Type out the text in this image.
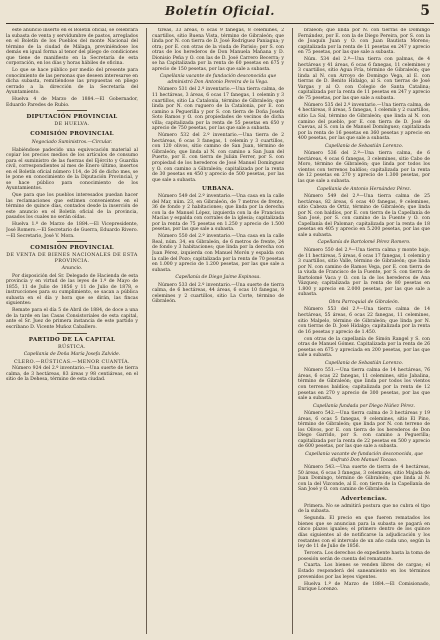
Boletín Oficial.	5

este anuncio inserto en el Boletín oficial, se celebrará la subasta de venta y servidumbre de pastos, arreglados en el Boletín de los Pueblos del monte Nacional del término de la ciudad de Málaga, previniéndose los demás en igual forma al tenor del pliego de condiciones que tiene de manifiesto en la Secretaría de esta corporación, en los días y horas hábiles de oficina.

Lo que se hace público por medio del presente para conocimiento de las personas que deseen interesarse en dicha subasta, remitiéndose las propuestas en pliego cerrado a la dirección de la Secretaría del Ayuntamiento.

Huelva 4 de Marzo de 1884.—El Gobernador, Eduardo Paredes de Rubio.

DIPUTACIÓN PROVINCIAL

DE HUELVA.

COMISIÓN PROVINCIAL

Negociado Suministros.—Circular.

Habiéndose padecido una equivocación material al copiar los precios medios de los artículos de consumo para el suministro de las fuerzas del Ejército y Guardia civil, correspondientes al mes de Enero último, insertos en el Boletín oficial número 114, de 26 de dicho mes, se le pone en conocimiento de la Diputación Provincial, y se hace público para conocimiento de los Ayuntamientos.

Que para que los pueblos interesados puedan hacer las reclamaciones que estimen convenientes en el término de quince días, contados desde la inserción de este anuncio en el Boletín oficial de la provincia, pasados los cuales no serán oídas.

Huelva 1.º de Marzo de 1884.—El Vicepresidente, José Romero.—El Secretario de Guerra, Eduardo Rivero.—El Secretario, José V. Mora.

COMISIÓN PROVINCIAL

DE VENTA DE BIENES NACIONALES DE ESTA PROVINCIA.

Anuncio.

Por disposición del Sr. Delegado de Hacienda de esta provincia y en virtud de las leyes de 1.º de Mayo de 1855, 11 de Julio de 1856 y 11 de Julio de 1878, e instrucciones para su cumplimiento, se sacan a pública subasta en el día y hora que se dirán, las fincas siguientes:

Remate para el día 5 de Abril de 1884, de doce a una de la tarde en las Casas Consistoriales de esta capital, ante el Sr. Juez de primera instancia de este partido y escribano D. Vicente Muñoz Caballero.

PARTIDO DE LA CAPITAL

RÚSTICA.

Capellanía de Doña María Josefa Zalvide.

CLERO.—RÚSTICAS.—MENOR CUANTÍA.

Número 924 del 2.º inventario.—Una suerte de tierra calma, de 3 hectáreas, 83 áreas y 98 centiáreas, en el sitio de la Dehesa, término de esta ciudad.

tíreas, 33 áreas, 6 ocas 9 fanegas, 8 celemines, 2 cuartillos, sitio Buena Vista, término de Gibraleón; que linda por N. con tierra de D. José Rodríguez Paniagua; y otra; por E. con otras de la viuda de Parisio; por S. con otras de los herederos de Don Manuela Mañana y D. Dionisio Peña y O. con las de D. José Carrero Becerra; y se ha Capitalizada por la renta de 60 pesetas en 675 y aprecio de 150 pesetas, por las que sale a subasta.

Capellanía vacante de fundación desconocida que administró Don Antonio Pereira de la Vega.

Número 531 del 2.º inventario.—Una tierra calma, de 11 hectáreas, 3 áreas, 6 ocas 17 fanegas, 1 celemín y 3 cuartillos, sitio La Catalonia, término de Gibraleón; que linda por N. con ruguero de la Catalonia, por E. con camino a Peguerilla y por S. con tierra de Doña Josefa Soto Ramos y O. con propiedades de vecinos de dicha villa; capitalizada por la renta de 55 pesetas en 650 y aprecio de 750 pesetas, por las que sale a subasta.

Número 532 del 2.º inventario.—Una tierra de 2 hectáreas, 6 ocas 3 fanegas, 1 celemín y 3 cuartillos, con 120 olivos, sitio camino de San Juan, término de Gibraleón; que linda al N. con camino a San Juan del Puerto, por E. con tierra de Julián Ferrer, por S. con propiedad de los herederos de José Manuel Domínguez y O. con camino a Gibraleón; capitalizada por la renta de 30 pesetas en 450 y aprecio de 500 pesetas, por las que sale a subasta.

URBANA.

Número 549 del 2.º inventario.—Una casa en la calle del Mar, núm. 23, en Gibraleón, de 7 metros de frente, 36 de fondo y 2 habitaciones; que linda por la derecha con la de Manuel López, izquierda con la de Francisca Macías y espalda con corrales de la iglesia; capitalizada por la renta de 75 pesetas en 1.250 y aprecio de 1.500 pesetas, por las que sale a subasta.

Número 550 del 2.º inventario.—Una casa en la calle Real, núm. 34, en Gibraleón, de 6 metros de frente, 24 de fondo y 3 habitaciones; que linda por la derecha con Juan Pérez, izquierda con Manuel Morón y espalda con la calle del Pozo; capitalizada por la renta de 70 pesetas en 1.000 y aprecio de 1.200 pesetas, por las que sale a subasta.

Capellanía de Diego Jaime Espinosa.

Número 533 del 2.º inventario.—Una suerte de tierra calma, de 6 hectáreas, 44 áreas, 6 ocas 10 fanegas, 9 celemines y 2 cuartillos, sitio La Corte, término de Gibraleón.

braleón; que linda por N. con tierras de Domingo Fernández, por E. con la de Diego Pereira, por S. con la de Joaquín Juan y O. con Juan Bautista Moreno; capitalizada por la renta de 11 pesetas en 247 y aprecio en 75 pesetas, por las que sale a subasta.

Núm. 534 del 2.º—Una tierra con palmas, de 4 hectáreas y 41 áreas, 6 ocas 6 fanegas, 11 celemines y 3 cuartillos, sitio Agua Fría, término de Gibraleón; que linda al N. con Arroyo de Domingo Vega, al E. con tierras de D. Benito Hidalgo, al S. con tierras de José Vargas y al O. con Colegio de Santa Catalina; capitalizada por la renta de 11 pesetas en 247 y aprecio de 75 pesetas, por las que sale a subasta.

Número 535 del 2.º inventario.—Una tierra calma, de 4 hectáreas, 8 áreas, 5 fanegas, 1 celemín y 2 cuartillos, sitio La Sal, término de Gibraleón; que linda al N. con camino del pueblo, por E. con tierra de D. José de Cuevas, al S. con la de Manuel Domínguez; capitalizada por la renta de 16 pesetas en 360 pesetas y aprecio en 400 pesetas, por las que sale a subasta.

Capellanía de Sebastián Lorenzo.

Número 536 del 2.º—Una tierra calma, de 6 hectáreas, 4 ocas 6 fanegas, 3 celemines, sitio Cabo de Moro, término de Gibraleón; que linda por todos los vientos con terrenos baldíos; capitalizada por la renta de 12 pesetas en 270 y aprecio de 1.300 pesetas, por las que sale a subasta.

Capellanía de Antonio Hernández Pérez.

Número 549 del 2.º—Una tierra calma de 25 hectáreas, 82 áreas, 6 ocas 40 fanegas, 9 celemines, sitio Cabeza de Ortiz, término de Gibraleón; que linda por N. con baldíos, por E. con tierra de la Capellanía de San José, por S. con camino de la Fuente y O. con Capellanía del Palomar; capitalizada por la renta de 18 pesetas en 405 y aprecio en 5.200 pesetas, por las que sale a subasta.

Capellanía de Bartolomé Pérez Romero.

Número 550 del 2.º—Una tierra calma y monte bajo, de 11 hectáreas, 5 áreas, 6 ocas 17 fanegas, 1 celemín y 3 cuartillos, sitio Valle, término de Gibraleón; que linda por N. con camino de Ramos Vega, por E. con tierra de la viuda de Francisco de la Fuente, por S. con tierra de Bartolomé Vaca y O. con la de los herederos de Ana Vázquez; capitalizada por la renta de 80 pesetas en 1.800 y aprecio en 2.000 pesetas, por las que sale a subasta.

Obra Parroquial de Gibraleón.

Número 553 del 2.º—Una tierra calma de 14 hectáreas, 55 áreas, 6 ocas 22 fanegas, 11 celemines, sitio Malpelo, término de Gibraleón; que linda por N. con tierras de D. José Hidalgo; capitalizada por la renta de 16 pesetas y aprecio de 1.450.

con otras de la capellanía de Simón Rangel y S. con otras de Manuel Gómez. Capitalizada por la renta de 26 pesetas en 675 y apreciada en 200 pesetas, por las que sale a subasta.

Capellanía de Sebastián Lorenzo.

Número 551.—Una tierra calma de 14 hectáreas, 76 áreas, 6 ocas 22 fanegas, 11 celemines, sitio Jabalina, término de Gibraleón; que linda por todos los vientos con terrenos baldíos; capitalizada por la renta de 12 pesetas en 270 y aprecio de 300 pesetas, por las que sale a subasta.

Capellanía fundada por Diego Núñez Pérez.

Número 542.—Una tierra calma de 3 hectáreas y 19 áreas, 6 ocas 5 fanegas, 9 celemines, sitio El Pino, término de Gibraleón; que linda por N. con terreno de los Olivos, por E. con tierra de los herederos de Don Diego Garrido, por S. con camino a Peguerilla; capitalizada por la renta de 22 pesetas en 500 y aprecio de 600 pesetas, por las que sale a subasta.

Capellanía vacante de fundación desconocida, que disfrutó Don Manuel Tocaso.

Número 543.—Una suerte de tierra de 4 hectáreas, 50 áreas, 6 ocas 3 fanegas, 3 celemines, sitio Majada de Juan Domingo, término de Gibraleón; que linda al N. con la del Vizconde, al E. con tierra de la Capellanía de San José y O. con camino de Gibraleón.

Advertencias.

Primera. No se admitirá postura que no cubra el tipo de la subasta.

Segunda. El precio en que fueren rematados los bienes que se anuncian para la subasta se pagará en cinco plazos iguales; el primero dentro de los quince días siguientes al de notificarse la adjudicación y los restantes con el intervalo de un año cada uno, según la ley de 11 de Julio de 1856.

Tercera. Los derechos de expediente hasta la toma de posesión serán de cuenta del rematante.

Cuarta. Los bienes se venden libres de cargas; el Estado responderá del saneamiento en los términos prevenidos por las leyes vigentes.

Huelva 1.º de Marzo de 1884.—El Comisionado, Enrique Lorenzo.
